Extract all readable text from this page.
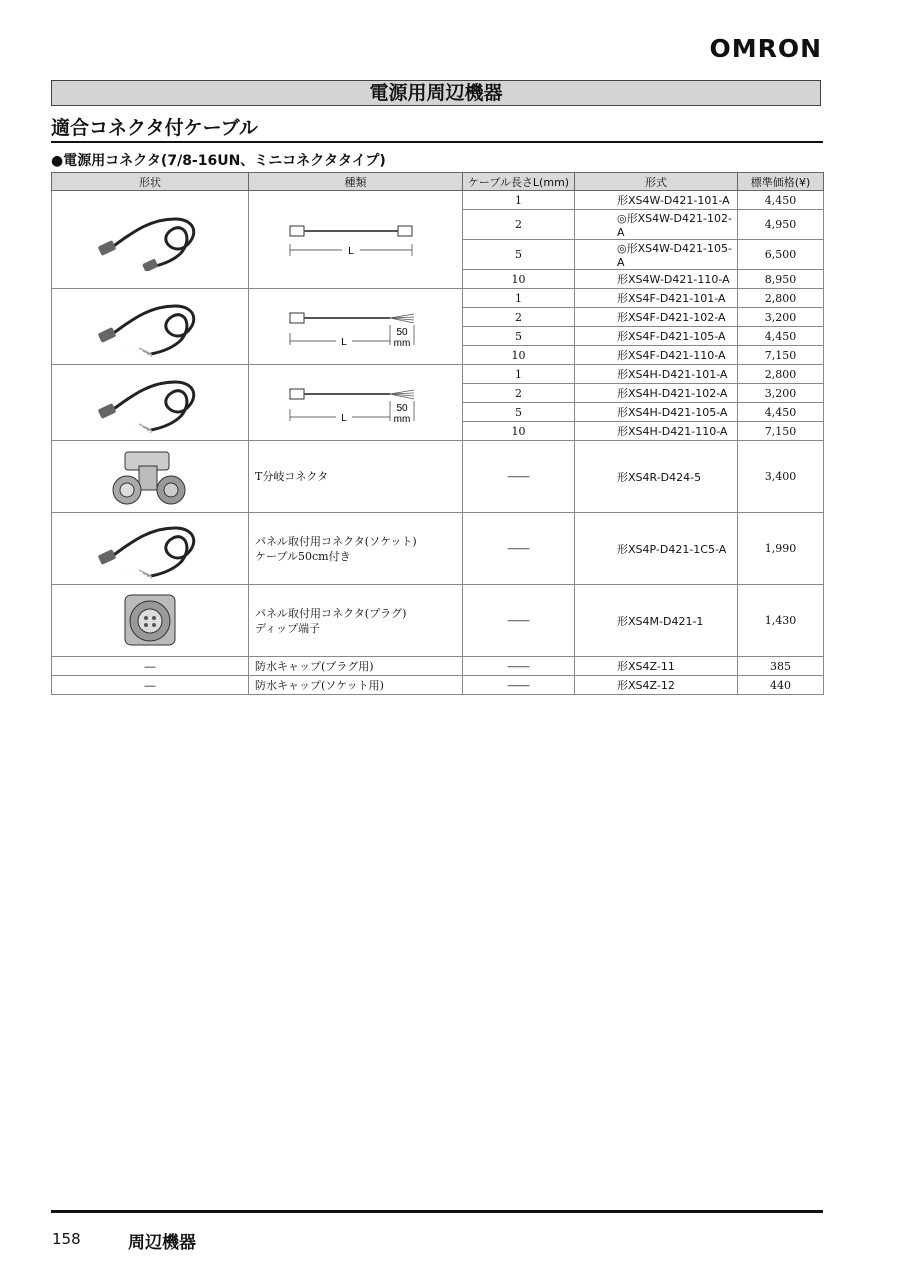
OMRON
電源用周辺機器
適合コネクタ付ケーブル
●電源用コネクタ(7/8-16UN、ミニコネクタタイプ)
形状	種類	ケーブル長さL(mm)	形式	標準価格(¥)

L	1	形XS4W-D421-101-A	4,450
		2	◎形XS4W-D421-102-A	4,950
		5	◎形XS4W-D421-105-A	6,500
		10	形XS4W-D421-110-A	8,950

L
50
mm	1	形XS4F-D421-101-A	2,800
		2	形XS4F-D421-102-A	3,200
		5	形XS4F-D421-105-A	4,450
		10	形XS4F-D421-110-A	7,150

L
50
mm	1	形XS4H-D421-101-A	2,800
		2	形XS4H-D421-102-A	3,200
		5	形XS4H-D421-105-A	4,450
		10	形XS4H-D421-110-A	7,150

	T分岐コネクタ	――	形XS4R-D424-5	3,400

	パネル取付用コネクタ(ソケット)
ケーブル50cm付き	――	形XS4P-D421-1C5-A	1,990

	パネル取付用コネクタ(プラグ)
ディップ端子	――	形XS4M-D421-1	1,430
―	防水キャップ(プラグ用)	――	形XS4Z-11	385
―	防水キャップ(ソケット用)	――	形XS4Z-12	440
158	周辺機器
